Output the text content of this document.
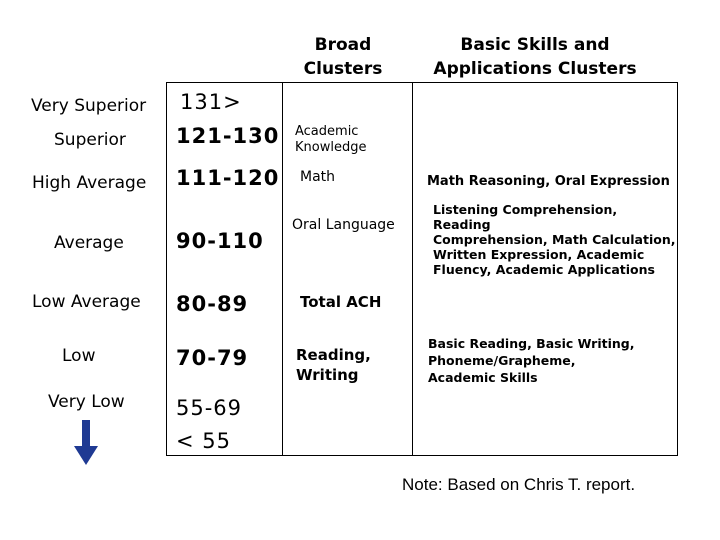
Broad
Clusters
Basic Skills and
Applications Clusters
Very Superior
Superior
High Average
Average
Low Average
Low
Very Low
131>
121-130
111-120
90-110
80-89
70-79
55-69
< 55
Academic
Knowledge
Math
Oral Language
Total ACH
Reading,
Writing
Math Reasoning, Oral Expression
Listening Comprehension, Reading
Comprehension, Math Calculation,
Written Expression, Academic
Fluency, Academic Applications
Basic Reading, Basic Writing,
Phoneme/Grapheme,
Academic Skills
Note: Based on Chris T. report.
